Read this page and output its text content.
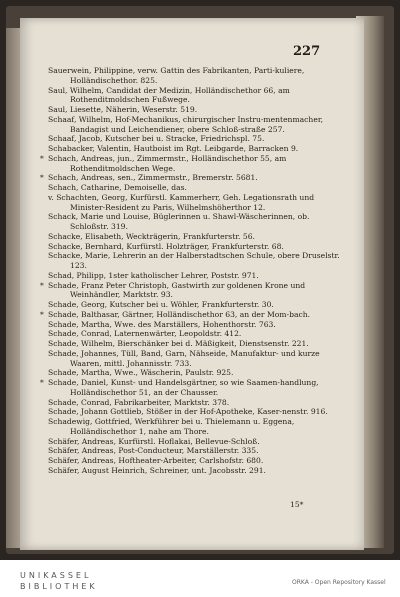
227
Sauerwein, Philippine, verw. Gattin des Fabrikanten, Parti-kuliere, Holländischethor. 825.
Saul, Wilhelm, Candidat der Medizin, Holländischethor 66, am Rothenditmoldschen Fußwege.
Saul, Liesette, Näherin, Weserstr. 519.
Schaaf, Wilhelm, Hof-Mechanikus, chirurgischer Instru-mentenmacher, Bandagist und Leichendiener, obere Schloß-straße 257.
Schaaf, Jacob, Kutscher bei u. Stracke, Friedrichspl. 75.
Schabacker, Valentin, Hautboist im Rgt. Leibgarde, Barracken 9.
* Schach, Andreas, jun., Zimmermstr., Holländischethor 55, am Rothenditmoldschen Wege.
* Schach, Andreas, sen., Zimmermstr., Bremerstr. 5681.
Schach, Catharine, Demoiselle, das.
v. Schachten, Georg, Kurfürstl. Kammerherr, Geh. Legationsrath und Minister-Resident zu Paris, Wilhelmshöherthor 12.
Schack, Marie und Louise, Büglerinnen u. Shawl-Wäscherinnen, ob. Schloßstr. 319.
Schacke, Elisabeth, Weckträgerin, Frankfurterstr. 56.
Schacke, Bernhard, Kurfürstl. Holzträger, Frankfurterstr. 68.
Schacke, Marie, Lehrerin an der Halberstadtschen Schule, obere Druselstr. 123.
Schad, Philipp, 1ster katholischer Lehrer, Poststr. 971.
* Schade, Franz Peter Christoph, Gastwirth zur goldenen Krone und Weinhändler, Marktstr. 93.
Schade, Georg, Kutscher bei u. Wöhler, Frankfurterstr. 30.
* Schade, Balthasar, Gärtner, Holländischethor 63, an der Mom-bach.
Schade, Martha, Wwe. des Marställers, Hohenthorstr. 763.
Schade, Conrad, Laternenwärter, Leopoldstr. 412.
Schade, Wilhelm, Bierschänker bei d. Mäßigkeit, Dienstsenstr. 221.
Schade, Johannes, Tüll, Band, Garn, Nähseide, Manufaktur- und kurze Waaren, mittl. Johannisstr. 733.
Schade, Martha, Wwe., Wäscherin, Paulstr. 925.
* Schade, Daniel, Kunst- und Handelsgärtner, so wie Saamen-handlung, Holländischethor 51, an der Chausser.
Schade, Conrad, Fabrikarbeiter, Marktstr. 378.
Schade, Johann Gottlieb, Stößer in der Hof-Apotheke, Kaser-nenstr. 916.
Schadewig, Gottfried, Werkführer bei u. Thielemann u. Eggena, Holländischethor 1, nahe am Thore.
Schäfer, Andreas, Kurfürstl. Hoflakai, Bellevue-Schloß.
Schäfer, Andreas, Post-Conducteur, Marställerstr. 335.
Schäfer, Andreas, Hoftheater-Arbeiter, Carlshofstr. 680.
Schäfer, August Heinrich, Schreiner, unt. Jacobsstr. 291.
15*
UNIKASSEL
BIBLIOTHEK	ORKA - Open Repository Kassel
